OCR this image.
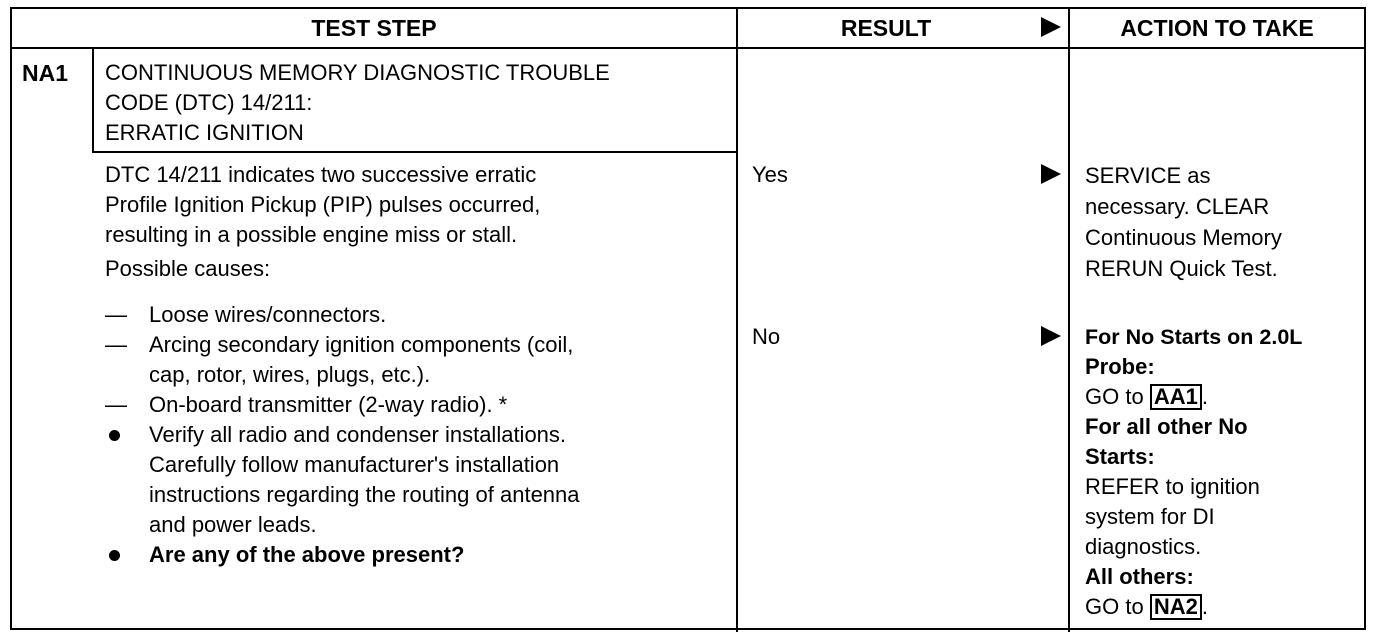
TEST STEP	RESULT	ACTION TO TAKE
NA1 CONTINUOUS MEMORY DIAGNOSTIC TROUBLE
CODE (DTC) 14/211:
ERRATIC IGNITION
DTC 14/211 indicates two successive erratic
Profile Ignition Pickup (PIP) pulses occurred,
resulting in a possible engine miss or stall.
Possible causes:
— Loose wires/connectors.
— Arcing secondary ignition components (coil,
cap, rotor, wires, plugs, etc.).
— On-board transmitter (2-way radio). *
Verify all radio and condenser installations.
Carefully follow manufacturer's installation
instructions regarding the routing of antenna
and power leads.
Are any of the above present?
Yes
No
SERVICE as
necessary. CLEAR
Continuous Memory
RERUN Quick Test.
For No Starts on 2.0L
Probe:
GO to AA1 .
For all other No
Starts:
REFER to ignition
system for DI
diagnostics.
All others:
GO to NA2 .
